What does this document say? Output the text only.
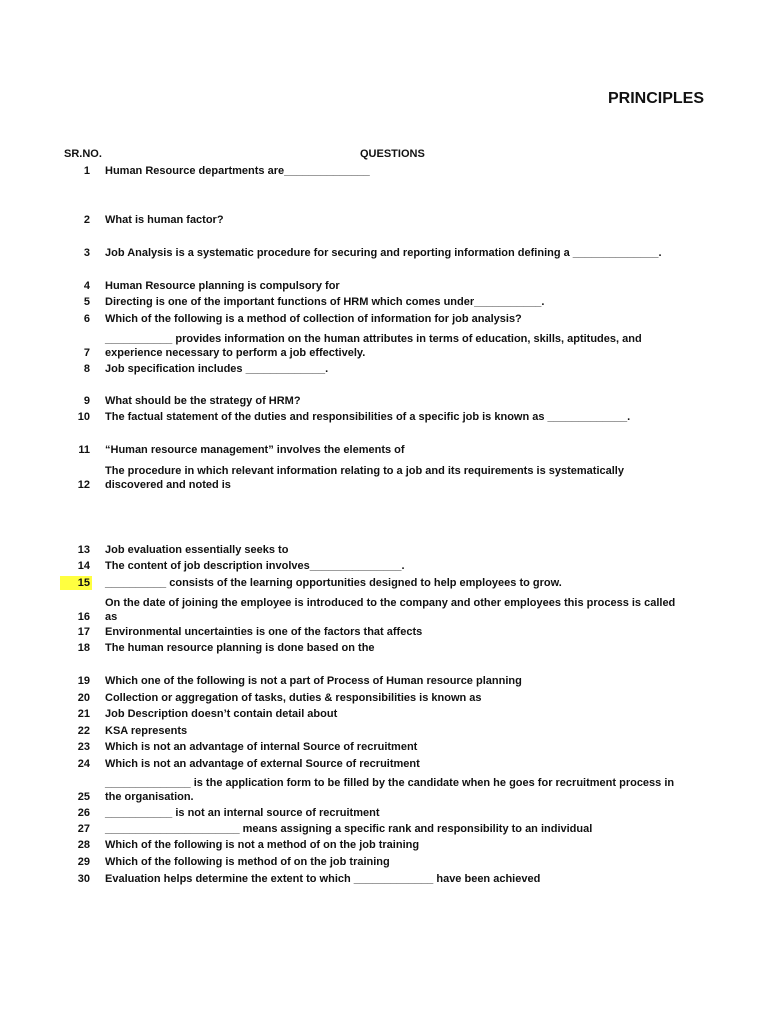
PRINCIPLES
SR.NO.	QUESTIONS
1 Human Resource departments are______________
2 What is human factor?
3 Job Analysis is a systematic procedure for securing and reporting information defining a ______________.
4 Human Resource planning is compulsory for
5 Directing is one of the important functions of HRM which comes under___________.
6 Which of the following is a method of collection of information for job analysis?
7
___________ provides information on the human attributes in terms of education, skills, aptitudes, and experience necessary to perform a job effectively.
8 Job specification includes _____________.
9 What should be the strategy of HRM?
10 The factual statement of the duties and responsibilities of a specific job is known as _____________.
11 “Human resource management” involves the elements of
12
The procedure in which relevant information relating to a job and its requirements is systematically discovered and noted is
13 Job evaluation essentially seeks to
14 The content of job description involves_______________.
15 __________ consists of the learning opportunities designed to help employees to grow.
16
On the date of joining the employee is introduced to the company and other employees this process is called as
17 Environmental uncertainties is one of the factors that affects
18 The human resource planning is done based on the
19 Which one of the following is not a part of Process of Human resource planning
20 Collection or aggregation of tasks, duties & responsibilities is known as
21 Job Description doesn’t contain detail about
22 KSA represents
23 Which is not an advantage of internal Source of recruitment
24 Which is not an advantage of external Source of recruitment
25
______________ is the application form to be filled by the candidate when he goes for recruitment process in the organisation.
26 ___________ is not an internal source of recruitment
27 ______________________ means assigning a specific rank and responsibility to an individual
28 Which of the following is not a method of on the job training
29 Which of the following is method of on the job training
30 Evaluation helps determine the extent to which _____________ have been achieved
